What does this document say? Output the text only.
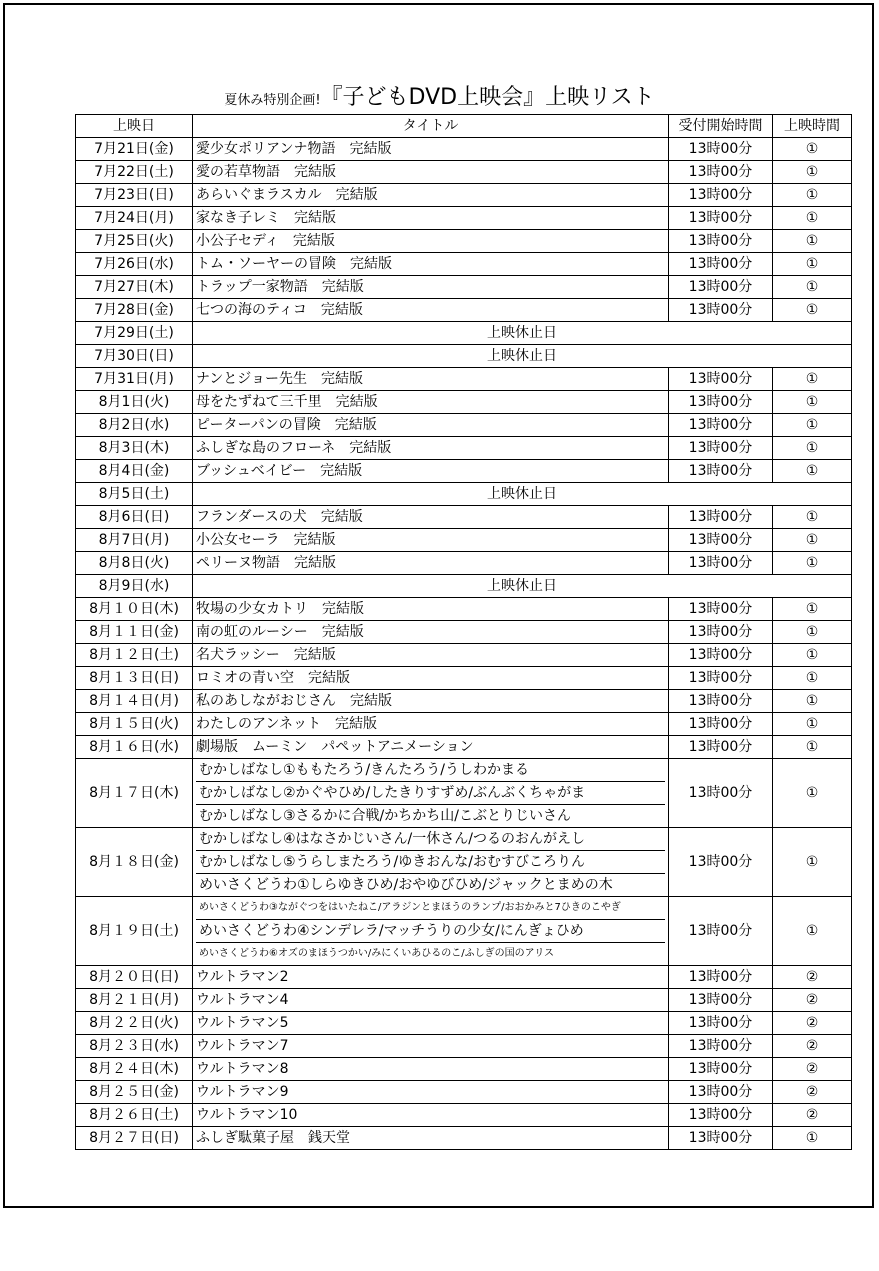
夏休み特別企画!『子どもDVD上映会』上映リスト
上映日	タイトル	受付開始時間	上映時間
7月21日(金)	愛少女ポリアンナ物語　完結版	13時00分	①
7月22日(土)	愛の若草物語　完結版	13時00分	①
7月23日(日)	あらいぐまラスカル　完結版	13時00分	①
7月24日(月)	家なき子レミ　完結版	13時00分	①
7月25日(火)	小公子セディ　完結版	13時00分	①
7月26日(水)	トム・ソーヤーの冒険　完結版	13時00分	①
7月27日(木)	トラップ一家物語　完結版	13時00分	①
7月28日(金)	七つの海のティコ　完結版	13時00分	①
7月29日(土)	上映休止日		
7月30日(日)	上映休止日		
7月31日(月)	ナンとジョー先生　完結版	13時00分	①
8月1日(火)	母をたずねて三千里　完結版	13時00分	①
8月2日(水)	ピーターパンの冒険　完結版	13時00分	①
8月3日(木)	ふしぎな島のフローネ　完結版	13時00分	①
8月4日(金)	ブッシュベイビー　完結版	13時00分	①
8月5日(土)	上映休止日		
8月6日(日)	フランダースの犬　完結版	13時00分	①
8月7日(月)	小公女セーラ　完結版	13時00分	①
8月8日(火)	ペリーヌ物語　完結版	13時00分	①
8月9日(水)	上映休止日		
8月１０日(木)	牧場の少女カトリ　完結版	13時00分	①
8月１１日(金)	南の虹のルーシー　完結版	13時00分	①
8月１２日(土)	名犬ラッシー　完結版	13時00分	①
8月１３日(日)	ロミオの青い空　完結版	13時00分	①
8月１４日(月)	私のあしながおじさん　完結版	13時00分	①
8月１５日(火)	わたしのアンネット　完結版	13時00分	①
8月１６日(水)	劇場版　ムーミン　パペットアニメーション	13時00分	①
8月１７日(木)	むかしばなし①ももたろう/きんたろう/うしわかまる
むかしばなし②かぐやひめ/したきりすずめ/ぶんぶくちゃがま
むかしばなし③さるかに合戦/かちかち山/こぶとりじいさん	13時00分	①
8月１８日(金)	むかしばなし④はなさかじいさん/一休さん/つるのおんがえし
むかしばなし⑤うらしまたろう/ゆきおんな/おむすびころりん
めいさくどうわ①しらゆきひめ/おやゆびひめ/ジャックとまめの木	13時00分	①
8月１９日(土)	めいさくどうわ③ながぐつをはいたねこ/アラジンとまほうのランプ/おおかみと7ひきのこやぎ
めいさくどうわ④シンデレラ/マッチうりの少女/にんぎょひめ
めいさくどうわ⑥オズのまほうつかい/みにくいあひるのこ/ふしぎの国のアリス	13時00分	①
8月２０日(日)	ウルトラマン2	13時00分	②
8月２１日(月)	ウルトラマン4	13時00分	②
8月２２日(火)	ウルトラマン5	13時00分	②
8月２３日(水)	ウルトラマン7	13時00分	②
8月２４日(木)	ウルトラマン8	13時00分	②
8月２５日(金)	ウルトラマン9	13時00分	②
8月２６日(土)	ウルトラマン10	13時00分	②
8月２７日(日)	ふしぎ駄菓子屋　銭天堂	13時00分	①
